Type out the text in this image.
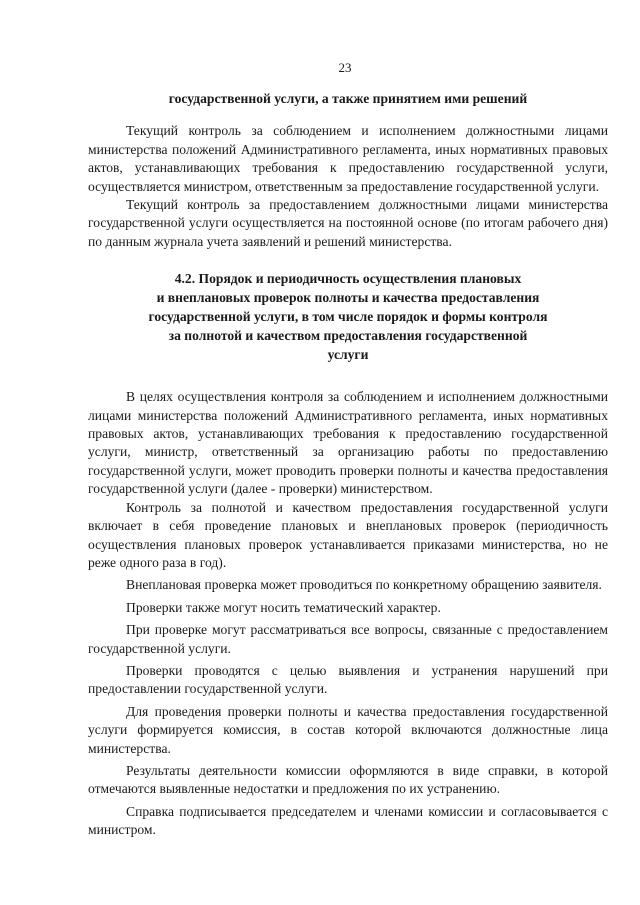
23
государственной услуги, а также принятием ими решений

Текущий контроль за соблюдением и исполнением должностными лицами министерства положений Административного регламента, иных нормативных правовых актов, устанавливающих требования к предоставлению государственной услуги, осуществляется министром, ответственным за предоставление государственной услуги.

Текущий контроль за предоставлением должностными лицами министерства государственной услуги осуществляется на постоянной основе (по итогам рабочего дня) по данным журнала учета заявлений и решений министерства.

4.2. Порядок и периодичность осуществления плановых
и внеплановых проверок полноты и качества предоставления
государственной услуги, в том числе порядок и формы контроля
за полнотой и качеством предоставления государственной
услуги

В целях осуществления контроля за соблюдением и исполнением должностными лицами министерства положений Административного регламента, иных нормативных правовых актов, устанавливающих требования к предоставлению государственной услуги, министр, ответственный за организацию работы по предоставлению государственной услуги, может проводить проверки полноты и качества предоставления государственной услуги (далее - проверки) министерством.

Контроль за полнотой и качеством предоставления государственной услуги включает в себя проведение плановых и внеплановых проверок (периодичность осуществления плановых проверок устанавливается приказами министерства, но не реже одного раза в год).

Внеплановая проверка может проводиться по конкретному обращению заявителя.

Проверки также могут носить тематический характер.

При проверке могут рассматриваться все вопросы, связанные с предоставлением государственной услуги.

Проверки проводятся с целью выявления и устранения нарушений при предоставлении государственной услуги.

Для проведения проверки полноты и качества предоставления государственной услуги формируется комиссия, в состав которой включаются должностные лица министерства.

Результаты деятельности комиссии оформляются в виде справки, в которой отмечаются выявленные недостатки и предложения по их устранению.

Справка подписывается председателем и членами комиссии и согласовывается с министром.
